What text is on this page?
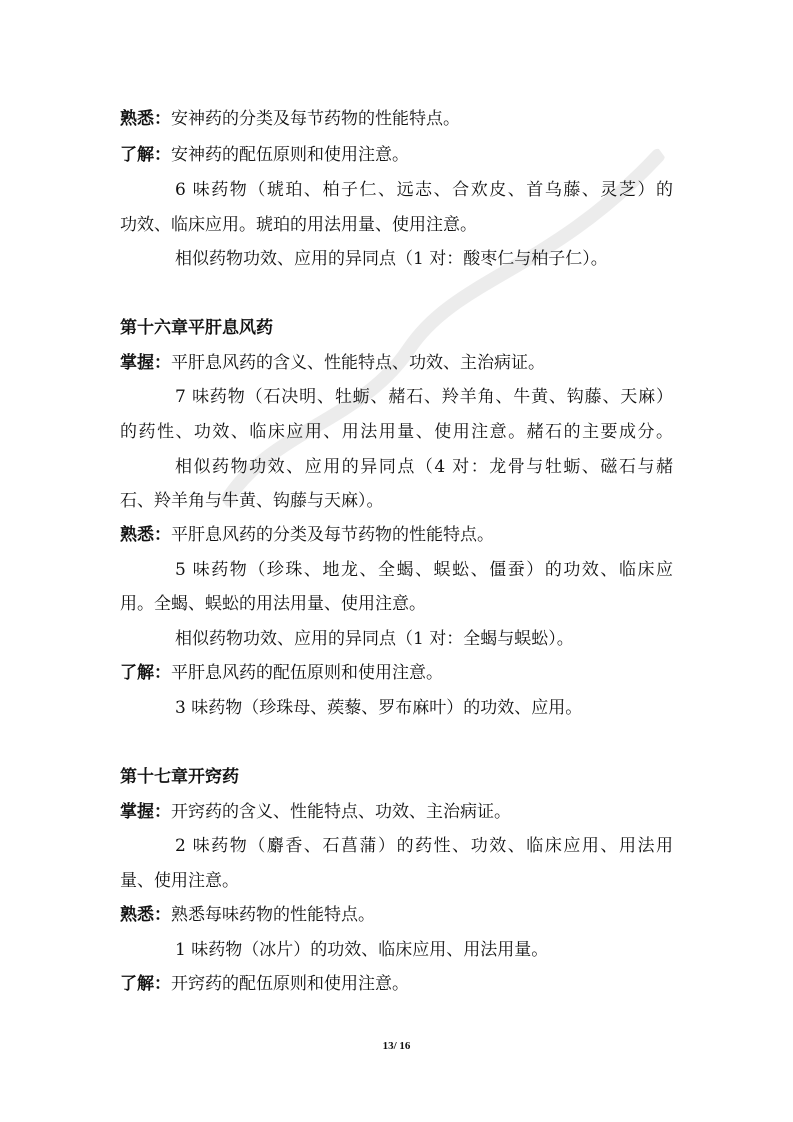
熟悉：安神药的分类及每节药物的性能特点。
了解：安神药的配伍原则和使用注意。
6 味药物（琥珀、柏子仁、远志、合欢皮、首乌藤、灵芝）的
功效、临床应用。琥珀的用法用量、使用注意。
相似药物功效、应用的异同点（1 对：酸枣仁与柏子仁）。
第十六章平肝息风药
掌握：平肝息风药的含义、性能特点、功效、主治病证。
7 味药物（石决明、牡蛎、赭石、羚羊角、牛黄、钩藤、天麻）
的药性、功效、临床应用、用法用量、使用注意。赭石的主要成分。
相似药物功效、应用的异同点（4 对：龙骨与牡蛎、磁石与赭
石、羚羊角与牛黄、钩藤与天麻）。
熟悉：平肝息风药的分类及每节药物的性能特点。
5 味药物（珍珠、地龙、全蝎、蜈蚣、僵蚕）的功效、临床应
用。全蝎、蜈蚣的用法用量、使用注意。
相似药物功效、应用的异同点（1 对：全蝎与蜈蚣）。
了解：平肝息风药的配伍原则和使用注意。
3 味药物（珍珠母、蒺藜、罗布麻叶）的功效、应用。
第十七章开窍药
掌握：开窍药的含义、性能特点、功效、主治病证。
2 味药物（麝香、石菖蒲）的药性、功效、临床应用、用法用
量、使用注意。
熟悉：熟悉每味药物的性能特点。
1 味药物（冰片）的功效、临床应用、用法用量。
了解：开窍药的配伍原则和使用注意。
13/ 16
